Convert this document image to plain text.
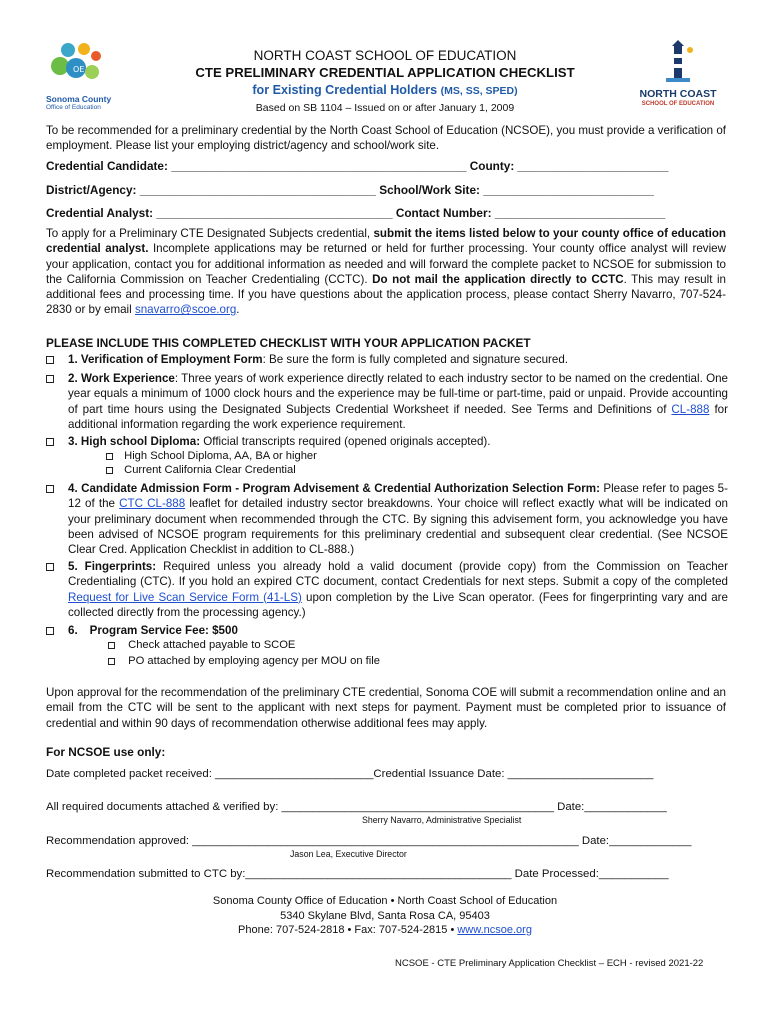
OE
Sonoma County
Office of Education
NORTH COAST
SCHOOL OF EDUCATION
NORTH COAST SCHOOL OF EDUCATION
CTE PRELIMINARY CREDENTIAL APPLICATION CHECKLIST
for Existing Credential Holders (MS, SS, SPED)
Based on SB 1104 – Issued on or after January 1, 2009
To be recommended for a preliminary credential by the North Coast School of Education (NCSOE), you must provide a verification of employment. Please list your employing district/agency and school/work site.
Credential Candidate: _____________________________________________ County: _______________________
District/Agency: ____________________________________ School/Work Site: __________________________
Credential Analyst: ____________________________________ Contact Number: __________________________
To apply for a Preliminary CTE Designated Subjects credential, submit the items listed below to your county office of education credential analyst. Incomplete applications may be returned or held for further processing. Your county office analyst will review your application, contact you for additional information as needed and will forward the complete packet to NCSOE for submission to the California Commission on Teacher Credentialing (CCTC). Do not mail the application directly to CCTC. This may result in additional fees and processing time. If you have questions about the application process, please contact Sherry Navarro, 707-524-2830 or by email snavarro@scoe.org.
PLEASE INCLUDE THIS COMPLETED CHECKLIST WITH YOUR APPLICATION PACKET
1. Verification of Employment Form: Be sure the form is fully completed and signature secured.
2. Work Experience: Three years of work experience directly related to each industry sector to be named on the credential. One year equals a minimum of 1000 clock hours and the experience may be full-time or part-time, paid or unpaid. Provide accounting of part time hours using the Designated Subjects Credential Worksheet if needed. See Terms and Definitions of CL-888 for additional information regarding the work experience requirement.
3. High school Diploma: Official transcripts required (opened originals accepted).
High School Diploma, AA, BA or higher
Current California Clear Credential
4. Candidate Admission Form - Program Advisement & Credential Authorization Selection Form: Please refer to pages 5-12 of the CTC CL-888 leaflet for detailed industry sector breakdowns. Your choice will reflect exactly what will be indicated on your preliminary document when recommended through the CTC. By signing this advisement form, you acknowledge you have been advised of NCSOE program requirements for this preliminary credential and subsequent clear credential. (See NCSOE Clear Cred. Application Checklist in addition to CL-888.)
5. Fingerprints: Required unless you already hold a valid document (provide copy) from the Commission on Teacher Credentialing (CTC). If you hold an expired CTC document, contact Credentials for next steps. Submit a copy of the completed Request for Live Scan Service Form (41-LS) upon completion by the Live Scan operator. (Fees for fingerprinting vary and are collected directly from the processing agency.)
6. Program Service Fee: $500
Check attached payable to SCOE
PO attached by employing agency per MOU on file
Upon approval for the recommendation of the preliminary CTE credential, Sonoma COE will submit a recommendation online and an email from the CTC will be sent to the applicant with next steps for payment. Payment must be completed prior to issuance of credential and within 90 days of recommendation otherwise additional fees may apply.
For NCSOE use only:
Date completed packet received: _________________________Credential Issuance Date: _______________________
All required documents attached & verified by: ___________________________________________ Date:_____________
Sherry Navarro, Administrative Specialist
Recommendation approved: _____________________________________________________________ Date:_____________
Jason Lea, Executive Director
Recommendation submitted to CTC by:__________________________________________ Date Processed:___________
Sonoma County Office of Education • North Coast School of Education
5340 Skylane Blvd, Santa Rosa CA, 95403
Phone: 707-524-2818 • Fax: 707-524-2815 • www.ncsoe.org
NCSOE - CTE Preliminary Application Checklist – ECH - revised 2021-22
